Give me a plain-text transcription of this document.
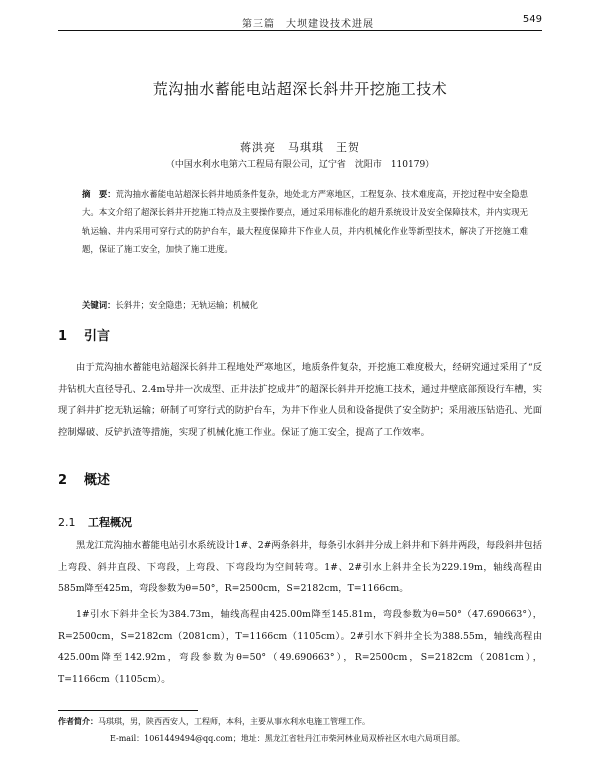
第三篇　大坝建设技术进展	549
荒沟抽水蓄能电站超深长斜井开挖施工技术
蒋洪亮　马琪琪　王贺
（中国水利水电第六工程局有限公司，辽宁省　沈阳市　110179）
摘　要：荒沟抽水蓄能电站超深长斜井地质条件复杂，地处北方严寒地区，工程复杂、技术难度高，开挖过程中安全隐患大。本文介绍了超深长斜井开挖施工特点及主要操作要点，通过采用标准化的超升系统设计及安全保障技术，并内实现无轨运输、井内采用可穿行式的防护台车，最大程度保障井下作业人员，并内机械化作业等新型技术，解决了开挖施工难题，保证了施工安全，加快了施工进度。
关键词：长斜井；安全隐患；无轨运输；机械化
1 引言
由于荒沟抽水蓄能电站超深长斜井工程地处严寒地区，地质条件复杂，开挖施工难度极大，经研究通过采用了“反井钻机大直径导孔、2.4m导井一次成型、正井法扩挖成井”的超深长斜井开挖施工技术，通过井壁底部预设行车槽，实现了斜井扩挖无轨运输；研制了可穿行式的防护台车，为井下作业人员和设备提供了安全防护；采用液压钻造孔、光面控制爆破、反铲扒渣等措施，实现了机械化施工作业。保证了施工安全，提高了工作效率。
2 概述
2.1 工程概况
黑龙江荒沟抽水蓄能电站引水系统设计1#、2#两条斜井，每条引水斜井分成上斜井和下斜井两段，每段斜井包括上弯段、斜井直段、下弯段，上弯段、下弯段均为空间转弯。1#、2#引水上斜井全长为229.19m，轴线高程由585m降至425m，弯段参数为θ=50°，R=2500cm，S=2182cm，T=1166cm。
1#引水下斜井全长为384.73m，轴线高程由425.00m降至145.81m，弯段参数为θ=50°（47.690663°），R=2500cm，S=2182cm（2081cm），T=1166cm（1105cm）。2#引水下斜井全长为388.55m，轴线高程由425.00m降至142.92m，弯段参数为θ=50°（49.690663°），R=2500cm，S=2182cm（2081cm），T=1166cm（1105cm）。
作者简介：马琪琪，男，陕西西安人，工程师，本科，主要从事水利水电施工管理工作。
E-mail：1061449494@qq.com；地址：黑龙江省牡丹江市柴河林业局双桥社区水电六局项目部。
